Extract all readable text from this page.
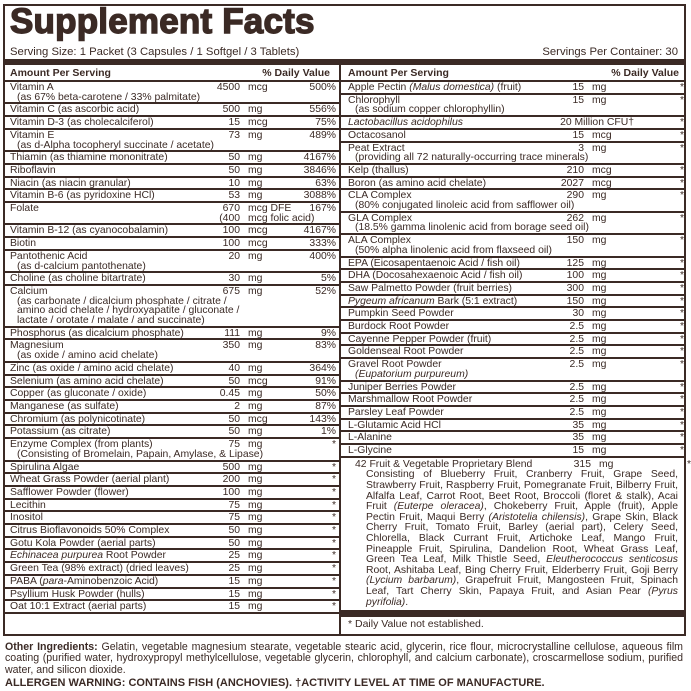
Supplement Facts
Serving Size: 1 Packet (3 Capsules / 1 Softgel / 3 Tablets)	Servings Per Container: 30
Amount Per Serving	% Daily Value
Vitamin A	4500 mcg	500%
(as 67% beta-carotene / 33% palmitate)
Vitamin C (as ascorbic acid)	500 mg	556%
Vitamin D-3 (as cholecalciferol)	15 mcg	75%
Vitamin E	73 mg	489%
(as d-Alpha tocopheryl succinate / acetate)
Thiamin (as thiamine mononitrate)	50 mg	4167%
Riboflavin	50 mg	3846%
Niacin (as niacin granular)	10 mg	63%
Vitamin B-6 (as pyridoxine HCl)	53 mg	3088%
Folate	670 mcg DFE	167%
(400 mcg folic acid)
Vitamin B-12 (as cyanocobalamin)	100 mcg	4167%
Biotin	100 mcg	333%
Pantothenic Acid	20 mg	400%
(as d-calcium pantothenate)
Choline (as choline bitartrate)	30 mg	5%
Calcium	675 mg	52%
(as carbonate / dicalcium phosphate / citrate /
amino acid chelate / hydroxyapatite / gluconate /
lactate / orotate / malate / and succinate)
Phosphorus (as dicalcium phosphate)	111 mg	9%
Magnesium	350 mg	83%
(as oxide / amino acid chelate)
Zinc (as oxide / amino acid chelate)	40 mg	364%
Selenium (as amino acid chelate)	50 mcg	91%
Copper (as gluconate / oxide)	0.45 mg	50%
Manganese (as sulfate)	2 mg	87%
Chromium (as polynicotinate)	50 mcg	143%
Potassium (as citrate)	50 mg	1%
Enzyme Complex (from plants)	75 mg	*
(Consisting of Bromelain, Papain, Amylase, & Lipase)
Spirulina Algae	500 mg	*
Wheat Grass Powder (aerial plant)	200 mg	*
Safflower Powder (flower)	100 mg	*
Lecithin	75 mg	*
Inositol	75 mg	*
Citrus Bioflavonoids 50% Complex	50 mg	*
Gotu Kola Powder (aerial parts)	50 mg	*
Echinacea purpurea Root Powder	25 mg	*
Green Tea (98% extract) (dried leaves)	25 mg	*
PABA (para-Aminobenzoic Acid)	15 mg	*
Psyllium Husk Powder (hulls)	15 mg	*
Oat 10:1 Extract (aerial parts)	15 mg	*
Amount Per Serving	% Daily Value
Apple Pectin (Malus domestica) (fruit)	15 mg	*
Chlorophyll	15 mg	*
(as sodium copper chlorophyllin)
Lactobacillus acidophilus	20 Million CFU†	*
Octacosanol	15 mcg	*
Peat Extract	3 mg	*
(providing all 72 naturally-occurring trace minerals)
Kelp (thallus)	210 mcg	*
Boron (as amino acid chelate)	2027 mcg	*
CLA Complex	290 mg	*
(80% conjugated linoleic acid from safflower oil)
GLA Complex	262 mg	*
(18.5% gamma linolenic acid from borage seed oil)
ALA Complex	150 mg	*
(50% alpha linolenic acid from flaxseed oil)
EPA (Eicosapentaenoic Acid / fish oil)	125 mg	*
DHA (Docosahexaenoic Acid / fish oil)	100 mg	*
Saw Palmetto Powder (fruit berries)	300 mg	*
Pygeum africanum Bark (5:1 extract)	150 mg	*
Pumpkin Seed Powder	30 mg	*
Burdock Root Powder	2.5 mg	*
Cayenne Pepper Powder (fruit)	2.5 mg	*
Goldenseal Root Powder	2.5 mg	*
Gravel Root Powder	2.5 mg	*
(Eupatorium purpureum)
Juniper Berries Powder	2.5 mg	*
Marshmallow Root Powder	2.5 mg	*
Parsley Leaf Powder	2.5 mg	*
L-Glutamic Acid HCl	35 mg	*
L-Alanine	35 mg	*
L-Glycine	15 mg	*
42 Fruit & Vegetable Proprietary Blend	315 mg	*
Consisting of Blueberry Fruit, Cranberry Fruit, Grape Seed, Strawberry Fruit, Raspberry Fruit, Pomegranate Fruit, Bilberry Fruit, Alfalfa Leaf, Carrot Root, Beet Root, Broccoli (floret & stalk), Acai Fruit (Euterpe oleracea), Chokeberry Fruit, Apple (fruit), Apple Pectin Fruit, Maqui Berry (Aristotelia chilensis), Grape Skin, Black Cherry Fruit, Tomato Fruit, Barley (aerial part), Celery Seed, Chlorella, Black Currant Fruit, Artichoke Leaf, Mango Fruit, Pineapple Fruit, Spirulina, Dandelion Root, Wheat Grass Leaf, Green Tea Leaf, Milk Thistle Seed, Eleutherococcus senticosus Root, Ashitaba Leaf, Bing Cherry Fruit, Elderberry Fruit, Goji Berry (Lycium barbarum), Grapefruit Fruit, Mangosteen Fruit, Spinach Leaf, Tart Cherry Skin, Papaya Fruit, and Asian Pear (Pyrus pyrifolia).
* Daily Value not established.
Other Ingredients: Gelatin, vegetable magnesium stearate, vegetable stearic acid, glycerin, rice flour, microcrystalline cellulose, aqueous film coating (purified water, hydroxypropyl methylcellulose, vegetable glycerin, chlorophyll, and calcium carbonate), croscarmellose sodium, purified water, and silicon dioxide.
ALLERGEN WARNING: CONTAINS FISH (ANCHOVIES). †ACTIVITY LEVEL AT TIME OF MANUFACTURE.
